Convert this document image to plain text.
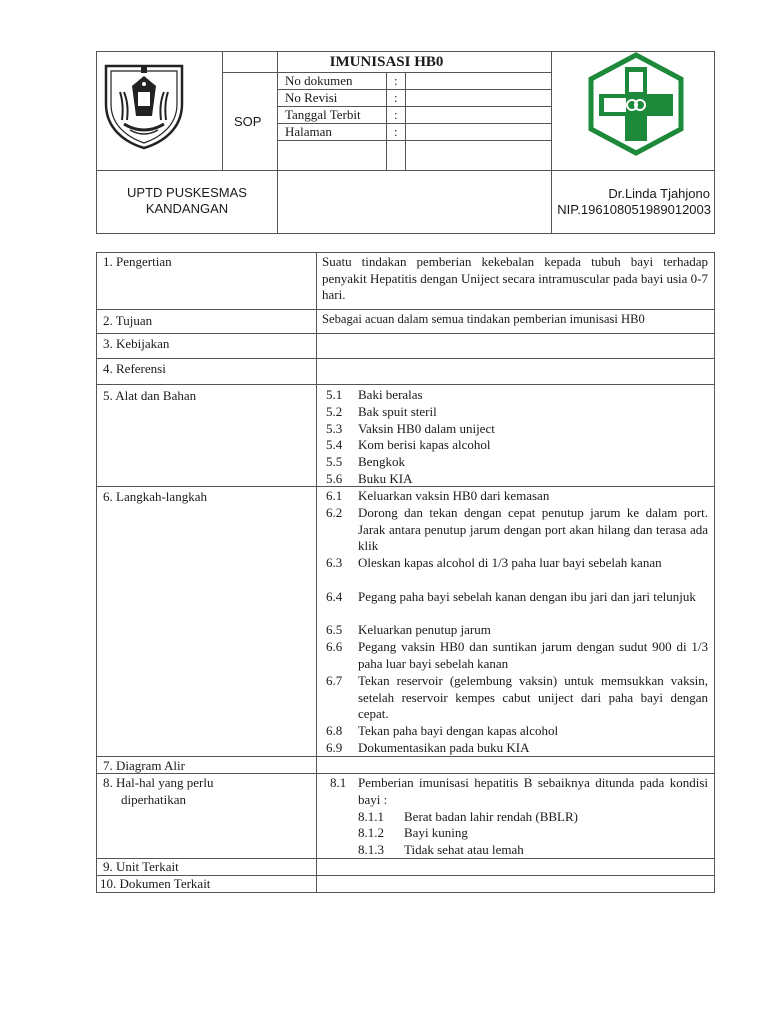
IMUNISASI HB0
SOP
No dokumen	:
No Revisi	:
Tanggal Terbit	:
Halaman	:
UPTD PUSKESMAS
KANDANGAN
Dr.Linda Tjahjono
NIP.196108051989012003
1. Pengertian	Suatu tindakan pemberian kekebalan kepada tubuh bayi terhadap penyakit Hepatitis dengan Uniject secara intramuscular pada bayi usia 0-7 hari.
2. Tujuan	Sebagai acuan dalam semua tindakan pemberian imunisasi HB0
3. Kebijakan
4. Referensi
5. Alat dan Bahan	5.1 Baki beralas
5.2 Bak spuit steril
5.3 Vaksin HB0 dalam uniject
5.4 Kom berisi kapas alcohol
5.5 Bengkok
5.6 Buku KIA
6. Langkah-langkah	6.1 Keluarkan vaksin HB0 dari kemasan
6.2 Dorong dan tekan dengan cepat penutup jarum ke dalam port. Jarak antara penutup jarum dengan port akan hilang dan terasa ada klik
6.3 Oleskan kapas alcohol di 1/3 paha luar bayi sebelah kanan
6.4 Pegang paha bayi sebelah kanan dengan ibu jari dan jari telunjuk
6.5 Keluarkan penutup jarum
6.6 Pegang vaksin HB0 dan suntikan jarum dengan sudut 900 di 1/3 paha luar bayi sebelah kanan
6.7 Tekan reservoir (gelembung vaksin) untuk memsukkan vaksin, setelah reservoir kempes cabut uniject dari paha bayi dengan cepat.
6.8 Tekan paha bayi dengan kapas alcohol
6.9 Dokumentasikan pada buku KIA
7. Diagram Alir
8. Hal-hal yang perlu
diperhatikan
8.1 Pemberian imunisasi hepatitis B sebaiknya ditunda pada kondisi bayi :
8.1.1 Berat badan lahir rendah (BBLR)
8.1.2 Bayi kuning
8.1.3 Tidak sehat atau lemah
9. Unit Terkait
10. Dokumen Terkait
